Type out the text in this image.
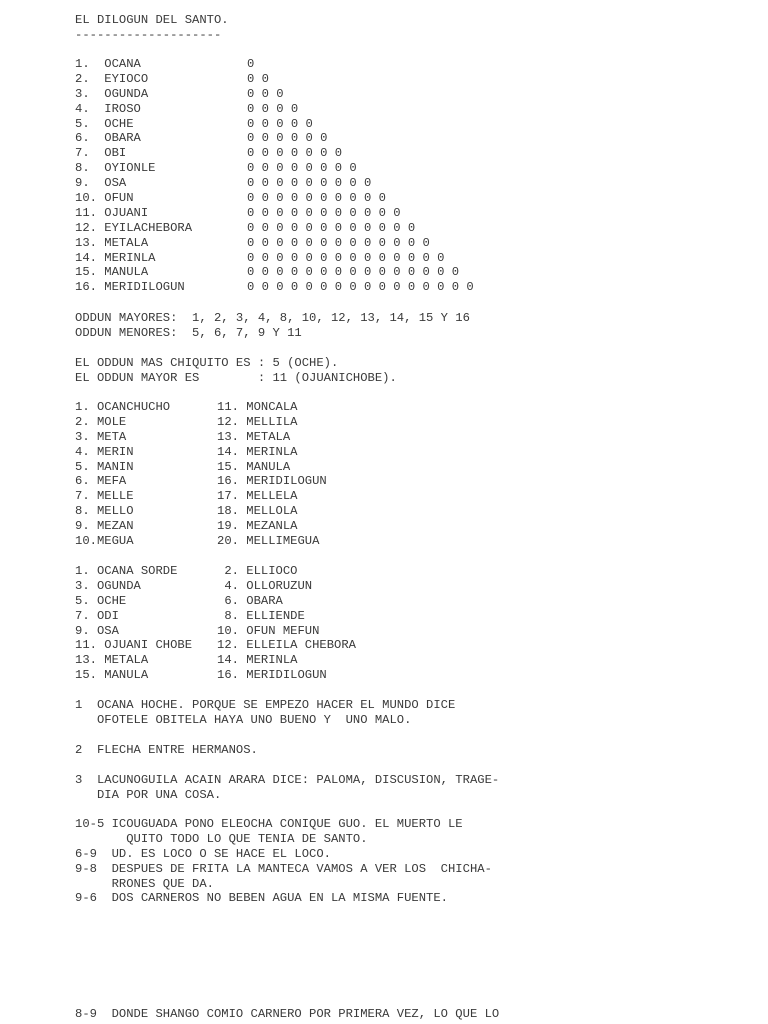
EL DILOGUN DEL SANTO.
--------------------
1.  OCANA	0
2.  EYIOCO	0 0
3.  OGUNDA	0 0 0
4.  IROSO	0 0 0 0
5.  OCHE	0 0 0 0 0
6.  OBARA	0 0 0 0 0 0
7.  OBI	0 0 0 0 0 0 0
8.  OYIONLE	0 0 0 0 0 0 0 0
9.  OSA	0 0 0 0 0 0 0 0 0
10. OFUN	0 0 0 0 0 0 0 0 0 0
11. OJUANI	0 0 0 0 0 0 0 0 0 0 0
12. EYILACHEBORA	0 0 0 0 0 0 0 0 0 0 0 0
13. METALA	0 0 0 0 0 0 0 0 0 0 0 0 0
14. MERINLA	0 0 0 0 0 0 0 0 0 0 0 0 0 0
15. MANULA	0 0 0 0 0 0 0 0 0 0 0 0 0 0 0
16. MERIDILOGUN	0 0 0 0 0 0 0 0 0 0 0 0 0 0 0 0
ODDUN MAYORES:  1, 2, 3, 4, 8, 10, 12, 13, 14, 15 Y 16
ODDUN MENORES:  5, 6, 7, 9 Y 11
EL ODDUN MAS CHIQUITO ES : 5 (OCHE).
EL ODDUN MAYOR ES        : 11 (OJUANICHOBE).
1. OCANCHUCHO	11. MONCALA
2. MOLE	12. MELLILA
3. META	13. METALA
4. MERIN	14. MERINLA
5. MANIN	15. MANULA
6. MEFA	16. MERIDILOGUN
7. MELLE	17. MELLELA
8. MELLO	18. MELLOLA
9. MEZAN	19. MEZANLA
10.MEGUA	20. MELLIMEGUA
1. OCANA SORDE	2. ELLIOCO
3. OGUNDA	4. OLLORUZUN
5. OCHE	6. OBARA
7. ODI	8. ELLIENDE
9. OSA	10. OFUN MEFUN
11. OJUANI CHOBE 12. ELLEILA CHEBORA
13. METALA	14. MERINLA
15. MANULA	16. MERIDILOGUN
1  OCANA HOCHE. PORQUE SE EMPEZO HACER EL MUNDO DICE
OFOTELE OBITELA HAYA UNO BUENO Y  UNO MALO.
2  FLECHA ENTRE HERMANOS.
3  LACUNOGUILA ACAIN ARARA DICE: PALOMA, DISCUSION, TRAGE-
DIA POR UNA COSA.
10-5 ICOUGUADA PONO ELEOCHA CONIQUE GUO. EL MUERTO LE
QUITO TODO LO QUE TENIA DE SANTO.
6-9  UD. ES LOCO O SE HACE EL LOCO.
9-8  DESPUES DE FRITA LA MANTECA VAMOS A VER LOS  CHICHA-
RRONES QUE DA.
9-6  DOS CARNEROS NO BEBEN AGUA EN LA MISMA FUENTE.
8-9  DONDE SHANGO COMIO CARNERO POR PRIMERA VEZ, LO QUE LO
